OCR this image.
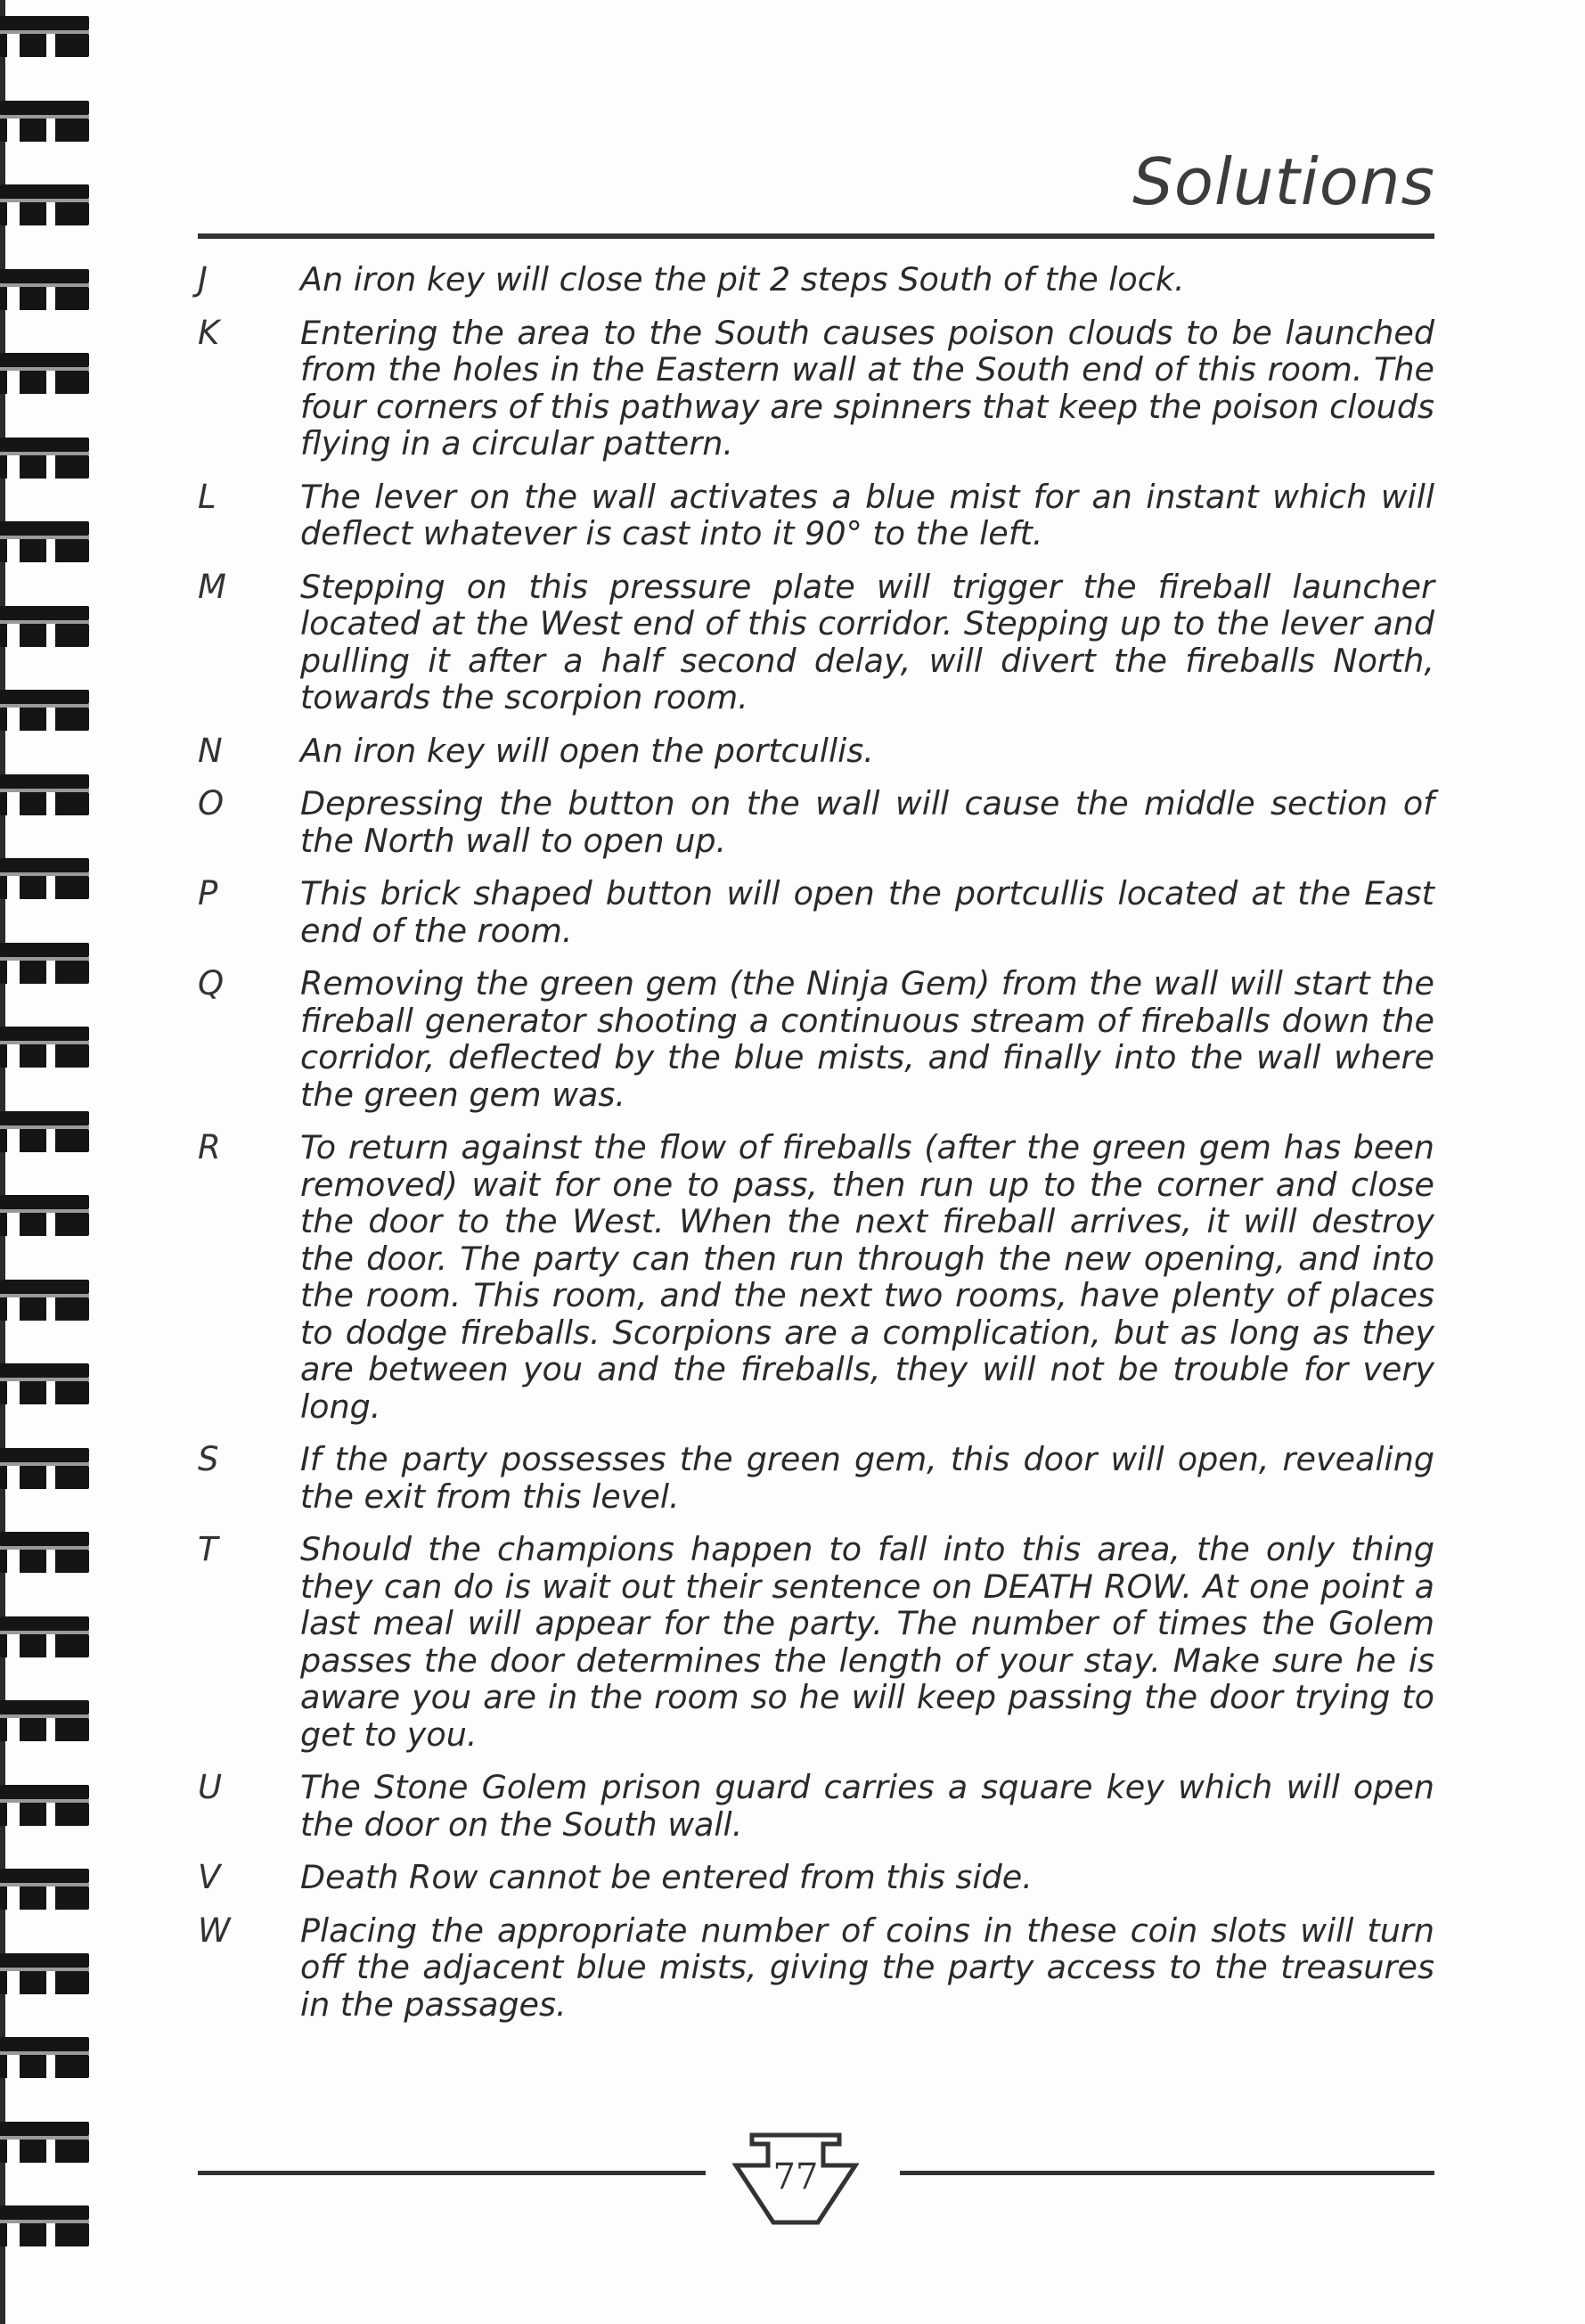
Solutions
J	An iron key will close the pit 2 steps South of the lock.
K	Entering the area to the South causes poison clouds to be launched from the holes in the Eastern wall at the South end of this room. The four corners of this pathway are spinners that keep the poison clouds flying in a circular pattern.
L	The lever on the wall activates a blue mist for an instant which will deflect whatever is cast into it 90° to the left.
M	Stepping on this pressure plate will trigger the fireball launcher located at the West end of this corridor. Stepping up to the lever and pulling it after a half second delay, will divert the fireballs North, towards the scorpion room.
N	An iron key will open the portcullis.
O	Depressing the button on the wall will cause the middle section of the North wall to open up.
P	This brick shaped button will open the portcullis located at the East end of the room.
Q	Removing the green gem (the Ninja Gem) from the wall will start the fireball generator shooting a continuous stream of fireballs down the corridor, deflected by the blue mists, and finally into the wall where the green gem was.
R	To return against the flow of fireballs (after the green gem has been removed) wait for one to pass, then run up to the corner and close the door to the West. When the next fireball arrives, it will destroy the door. The party can then run through the new opening, and into the room. This room, and the next two rooms, have plenty of places to dodge fireballs. Scorpions are a complication, but as long as they are between you and the fireballs, they will not be trouble for very long.
S	If the party possesses the green gem, this door will open, revealing the exit from this level.
T	Should the champions happen to fall into this area, the only thing they can do is wait out their sentence on DEATH ROW. At one point a last meal will appear for the party. The number of times the Golem passes the door determines the length of your stay. Make sure he is aware you are in the room so he will keep passing the door trying to get to you.
U	The Stone Golem prison guard carries a square key which will open the door on the South wall.
V	Death Row cannot be entered from this side.
W	Placing the appropriate number of coins in these coin slots will turn off the adjacent blue mists, giving the party access to the treasures in the passages.
77
